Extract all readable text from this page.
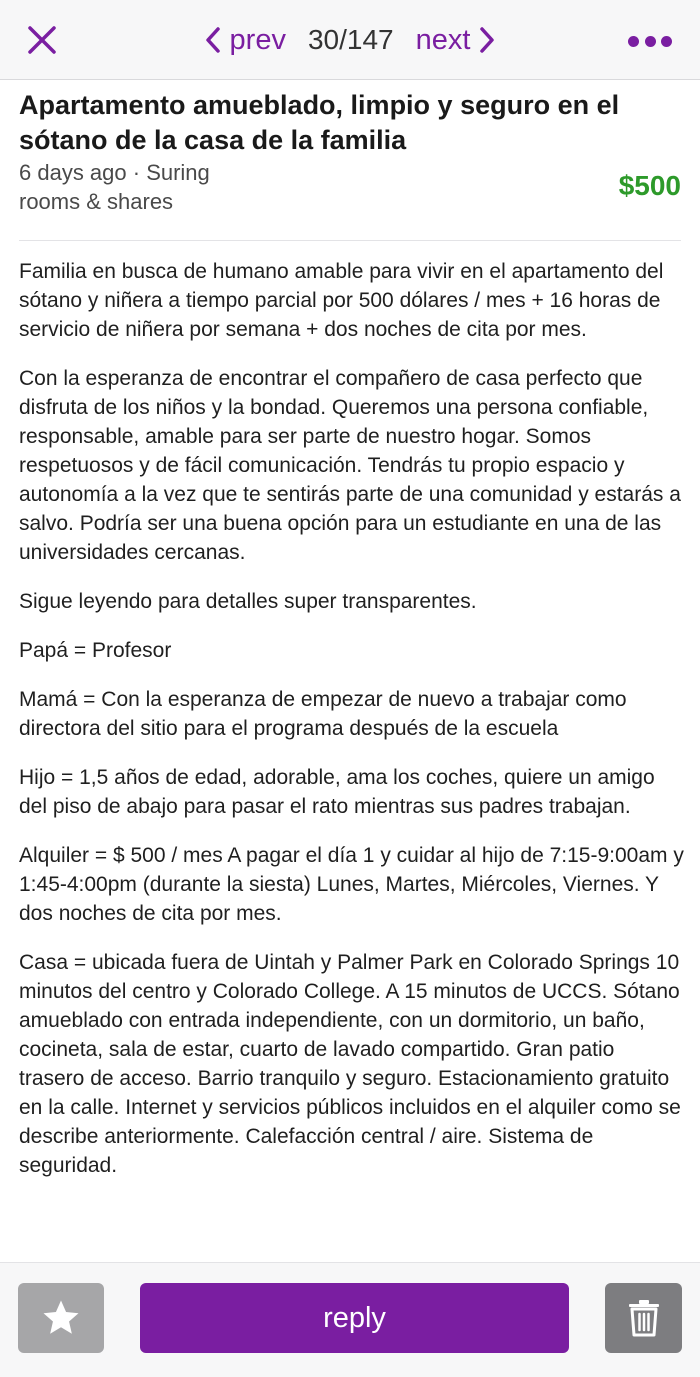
prev 30/147 next
Apartamento amueblado, limpio y seguro en el sótano de la casa de la familia
6 days ago · Suring
rooms & shares
$500

Familia en busca de humano amable para vivir en el apartamento del sótano y niñera a tiempo parcial por 500 dólares / mes + 16 horas de servicio de niñera por semana + dos noches de cita por mes.

Con la esperanza de encontrar el compañero de casa perfecto que disfruta de los niños y la bondad. Queremos una persona confiable, responsable, amable para ser parte de nuestro hogar. Somos respetuosos y de fácil comunicación. Tendrás tu propio espacio y autonomía a la vez que te sentirás parte de una comunidad y estarás a salvo. Podría ser una buena opción para un estudiante en una de las universidades cercanas.

Sigue leyendo para detalles super transparentes.

Papá = Profesor

Mamá = Con la esperanza de empezar de nuevo a trabajar como directora del sitio para el programa después de la escuela

Hijo = 1,5 años de edad, adorable, ama los coches, quiere un amigo del piso de abajo para pasar el rato mientras sus padres trabajan.

Alquiler = $ 500 / mes A pagar el día 1 y cuidar al hijo de 7:15-9:00am y 1:45-4:00pm (durante la siesta) Lunes, Martes, Miércoles, Viernes. Y dos noches de cita por mes.

Casa = ubicada fuera de Uintah y Palmer Park en Colorado Springs 10 minutos del centro y Colorado College. A 15 minutos de UCCS. Sótano amueblado con entrada independiente, con un dormitorio, un baño, cocineta, sala de estar, cuarto de lavado compartido. Gran patio trasero de acceso. Barrio tranquilo y seguro. Estacionamiento gratuito en la calle. Internet y servicios públicos incluidos en el alquiler como se describe anteriormente. Calefacción central / aire. Sistema de seguridad.

reply
